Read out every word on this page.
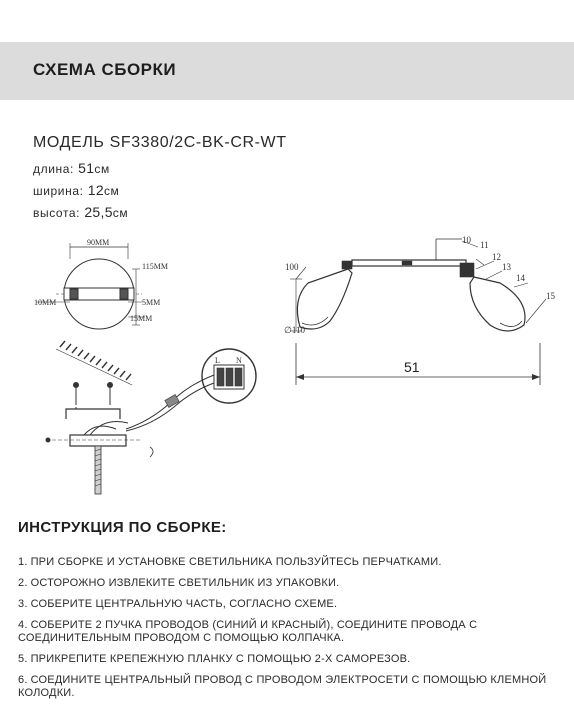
СХЕМА СБОРКИ
МОДЕЛЬ SF3380/2C-BK-CR-WT
длина: 51см
ширина: 12см
высота: 25,5см
90ММ
115ММ
10ММ	5ММ
15ММ
L N
100
∅110
10 11
12
13
14
15
51
ИНСТРУКЦИЯ ПО СБОРКЕ:
1. ПРИ СБОРКЕ И УСТАНОВКЕ СВЕТИЛЬНИКА ПОЛЬЗУЙТЕСЬ ПЕРЧАТКАМИ.
2. ОСТОРОЖНО ИЗВЛЕКИТЕ СВЕТИЛЬНИК ИЗ УПАКОВКИ.
3. СОБЕРИТЕ ЦЕНТРАЛЬНУЮ ЧАСТЬ, СОГЛАСНО СХЕМЕ.
4. СОБЕРИТЕ 2 ПУЧКА ПРОВОДОВ (СИНИЙ И КРАСНЫЙ), СОЕДИНИТЕ ПРОВОДА С СОЕДИНИТЕЛЬНЫМ ПРОВОДОМ С ПОМОЩЬЮ КОЛПАЧКА.
5. ПРИКРЕПИТЕ КРЕПЕЖНУЮ ПЛАНКУ С ПОМОЩЬЮ 2-Х САМОРЕЗОВ.
6. СОЕДИНИТЕ ЦЕНТРАЛЬНЫЙ ПРОВОД С ПРОВОДОМ ЭЛЕКТРОСЕТИ С ПОМОЩЬЮ КЛЕМНОЙ КОЛОДКИ.
